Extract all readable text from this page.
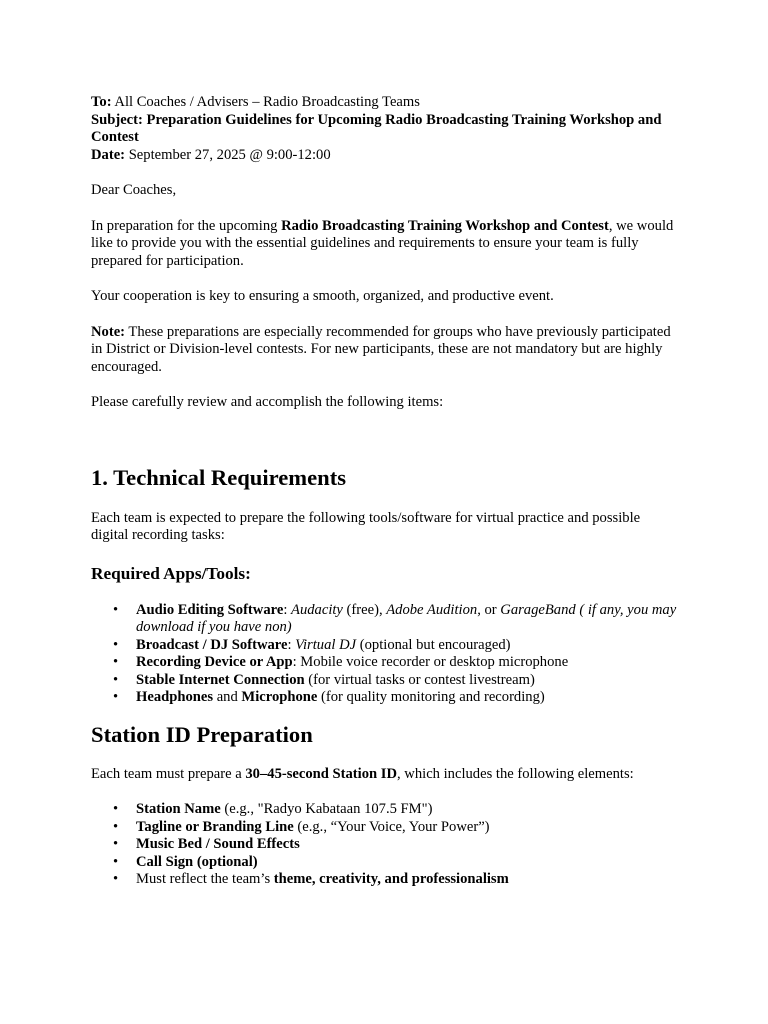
To: All Coaches / Advisers – Radio Broadcasting Teams

Subject: Preparation Guidelines for Upcoming Radio Broadcasting Training Workshop and Contest

Date: September 27, 2025 @ 9:00-12:00

Dear Coaches,

In preparation for the upcoming Radio Broadcasting Training Workshop and Contest, we would like to provide you with the essential guidelines and requirements to ensure your team is fully prepared for participation.

Your cooperation is key to ensuring a smooth, organized, and productive event.

Note: These preparations are especially recommended for groups who have previously participated in District or Division-level contests. For new participants, these are not mandatory but are highly encouraged.

Please carefully review and accomplish the following items:

1. Technical Requirements

Each team is expected to prepare the following tools/software for virtual practice and possible digital recording tasks:

Required Apps/Tools:
• Audio Editing Software: Audacity (free), Adobe Audition, or GarageBand ( if any, you may download if you have non)
• Broadcast / DJ Software: Virtual DJ (optional but encouraged)
• Recording Device or App: Mobile voice recorder or desktop microphone
• Stable Internet Connection (for virtual tasks or contest livestream)
• Headphones and Microphone (for quality monitoring and recording)
Station ID Preparation

Each team must prepare a 30–45-second Station ID, which includes the following elements:

• Station Name (e.g., "Radyo Kabataan 107.5 FM")
• Tagline or Branding Line (e.g., “Your Voice, Your Power”)
• Music Bed / Sound Effects
• Call Sign (optional)
• Must reflect the team’s theme, creativity, and professionalism
